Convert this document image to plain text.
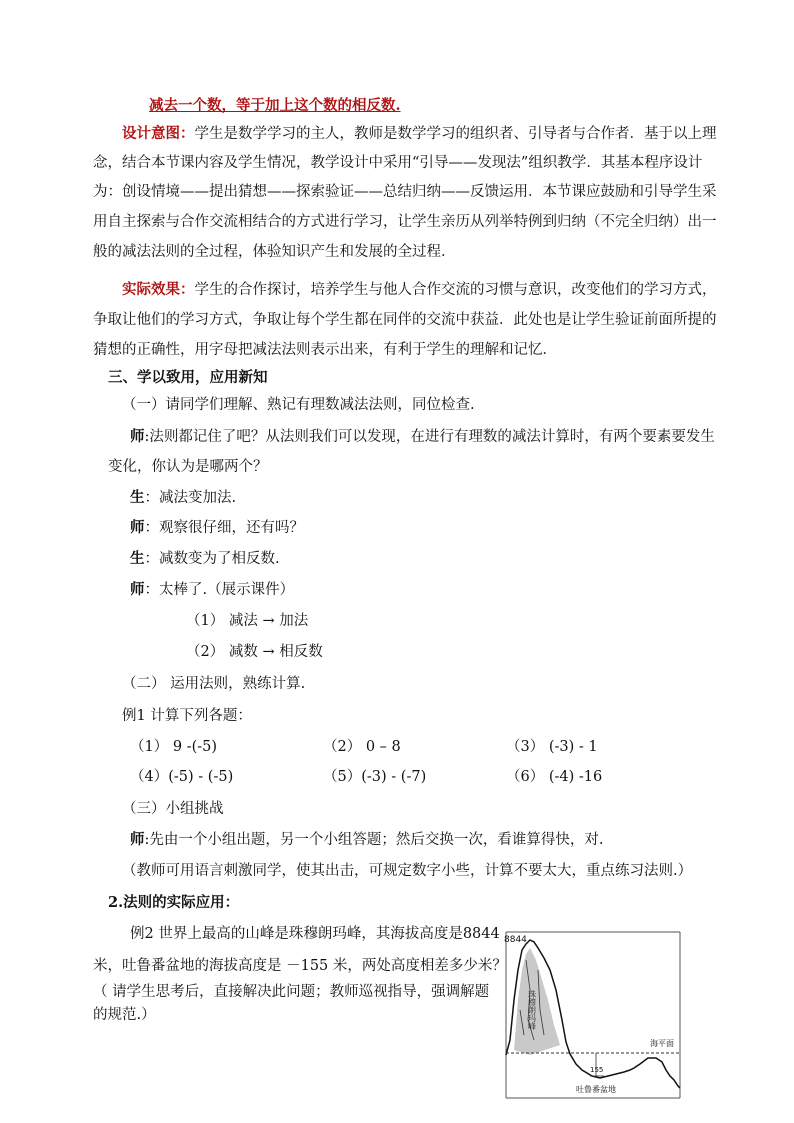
减去一个数，等于加上这个数的相反数.
设计意图：学生是数学学习的主人，教师是数学学习的组织者、引导者与合作者．基于以上理
念，结合本节课内容及学生情况，教学设计中采用“引导——发现法”组织教学．其基本程序设计
为：创设情境——提出猜想——探索验证——总结归纳——反馈运用．本节课应鼓励和引导学生采
用自主探索与合作交流相结合的方式进行学习，让学生亲历从列举特例到归纳（不完全归纳）出一
般的减法法则的全过程，体验知识产生和发展的全过程．
实际效果：学生的合作探讨，培养学生与他人合作交流的习惯与意识，改变他们的学习方式，
争取让他们的学习方式，争取让每个学生都在同伴的交流中获益．此处也是让学生验证前面所提的
猜想的正确性，用字母把减法法则表示出来，有利于学生的理解和记忆．
三、学以致用，应用新知
（一）请同学们理解、熟记有理数减法法则，同位检查.
师:法则都记住了吧？从法则我们可以发现，在进行有理数的减法计算时，有两个要素要发生
变化，你认为是哪两个？
生：减法变加法.
师：观察很仔细，还有吗？
生：减数变为了相反数.
师：太棒了.（展示课件）
（1） 减法 → 加法
（2） 减数 → 相反数
（二） 运用法则，熟练计算.
例1 计算下列各题：
（1） 9 -(-5)	（2） 0 – 8	（3） (-3) - 1
（4）(-5) - (-5)	（5）(-3) - (-7)	（6） (-4) -16
（三）小组挑战
师:先由一个小组出题，另一个小组答题；然后交换一次，看谁算得快，对.
（教师可用语言刺激同学，使其出击，可规定数字小些，计算不要太大，重点练习法则.）
2.法则的实际应用：
例2 世界上最高的山峰是珠穆朗玛峰，其海拔高度是8844
米，吐鲁番盆地的海拔高度是 －155 米，两处高度相差多少米？
（ 请学生思考后，直接解决此问题；教师巡视指导，强调解题
的规范.）
8844
珠穆朗玛峰
海平面
155
吐鲁番盆地
